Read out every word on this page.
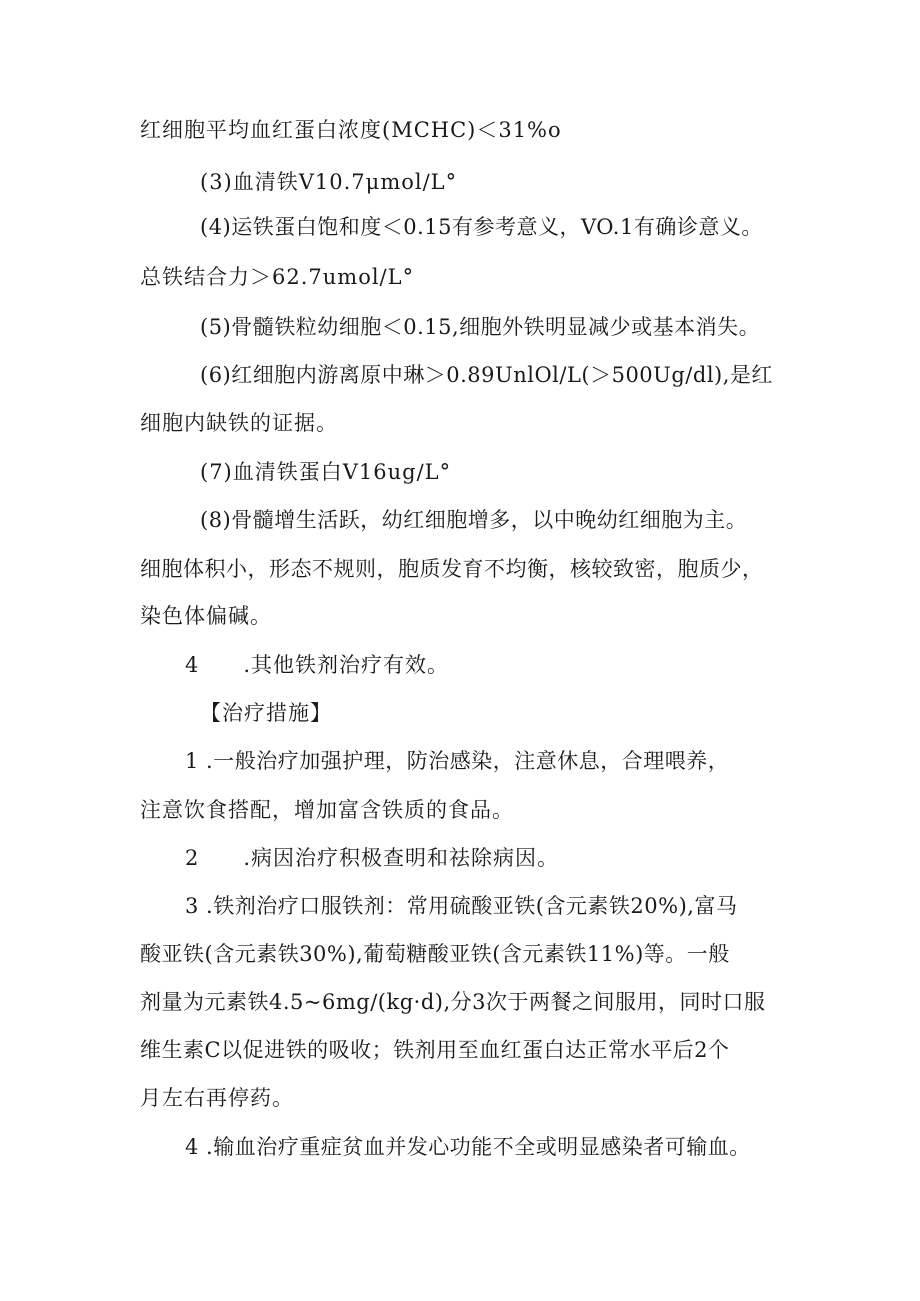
红细胞平均血红蛋白浓度(MCHC)＜31%o
(3)血清铁V10.7μmol∕L°
(4)运铁蛋白饱和度＜0.15有参考意义，VO.1有确诊意义。
总铁结合力＞62.7umol∕L°
(5)骨髓铁粒幼细胞＜0.15,细胞外铁明显减少或基本消失。
(6)红细胞内游离原中琳＞0.89UnlOl/L(＞500Ug∕dl),是红
细胞内缺铁的证据。
(7)血清铁蛋白V16ug∕L°
(8)骨髓增生活跃，幼红细胞增多，以中晚幼红细胞为主。
细胞体积小，形态不规则，胞质发育不均衡，核较致密，胞质少，
染色体偏碱。
4　　.其他铁剂治疗有效。
【治疗措施】
1 .一般治疗加强护理，防治感染，注意休息，合理喂养，
注意饮食搭配，增加富含铁质的食品。
2　　.病因治疗积极查明和祛除病因。
3 .铁剂治疗口服铁剂：常用硫酸亚铁(含元素铁20%),富马
酸亚铁(含元素铁30%),葡萄糖酸亚铁(含元素铁11%)等。一般
剂量为元素铁4.5~6mg∕(kg·d),分3次于两餐之间服用，同时口服
维生素C以促进铁的吸收；铁剂用至血红蛋白达正常水平后2个
月左右再停药。
4 .输血治疗重症贫血并发心功能不全或明显感染者可输血。
